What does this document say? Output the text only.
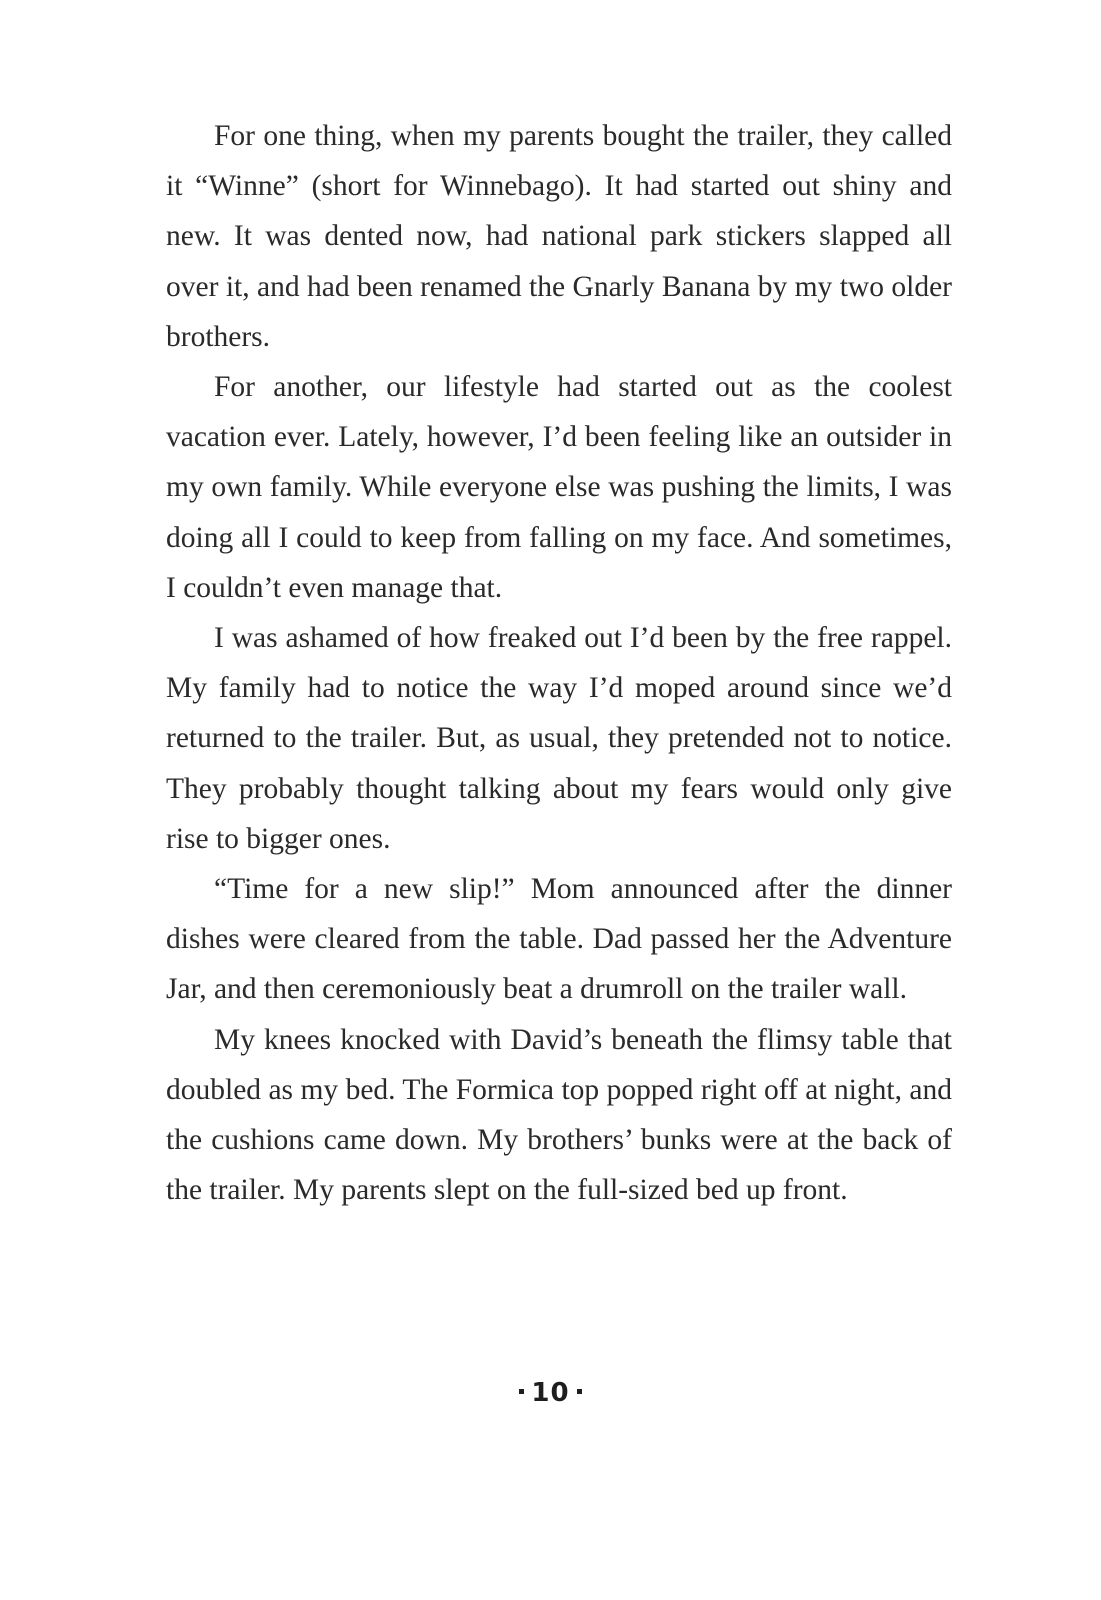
For one thing, when my parents bought the trailer, they called it “Winne” (short for Winnebago). It had started out shiny and new. It was dented now, had national park stickers slapped all over it, and had been renamed the Gnarly Banana by my two older brothers.

For another, our lifestyle had started out as the coolest vacation ever. Lately, however, I’d been feeling like an outsider in my own family. While everyone else was pushing the limits, I was doing all I could to keep from falling on my face. And sometimes, I couldn’t even manage that.

I was ashamed of how freaked out I’d been by the free rappel. My family had to notice the way I’d moped around since we’d returned to the trailer. But, as usual, they pretended not to notice. They probably thought talking about my fears would only give rise to bigger ones.

“Time for a new slip!” Mom announced after the dinner dishes were cleared from the table. Dad passed her the Adventure Jar, and then ceremoniously beat a drumroll on the trailer wall.

My knees knocked with David’s beneath the flimsy table that doubled as my bed. The Formica top popped right off at night, and the cushions came down. My brothers’ bunks were at the back of the trailer. My parents slept on the full-sized bed up front.

10
